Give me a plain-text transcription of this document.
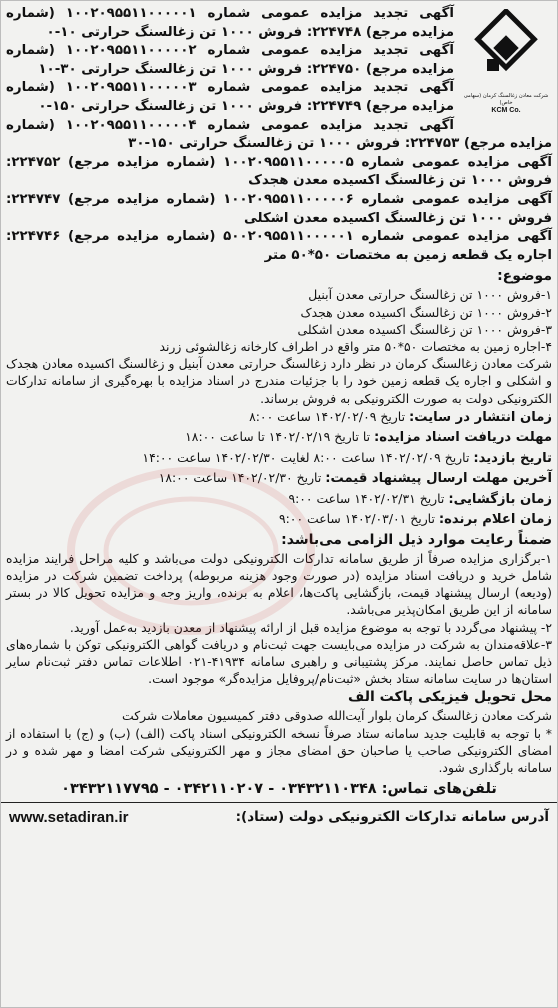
شرکت معادن زغالسنگ کرمان (سهامی خاص)
KCM Co.

آگهی تجدید مزایده عمومی شماره ۱۰۰۲۰۹۵۵۱۱۰۰۰۰۰۱ (شماره مزایده مرجع) ۲۲۴۷۴۸: فروش ۱۰۰۰ تن زغالسنگ حرارتی ۱۰-۰

آگهی تجدید مزایده عمومی شماره ۱۰۰۲۰۹۵۵۱۱۰۰۰۰۰۲ (شماره مزایده مرجع) ۲۲۴۷۵۰: فروش ۱۰۰۰ تن زغالسنگ حرارتی ۳۰-۱۰

آگهی تجدید مزایده عمومی شماره ۱۰۰۲۰۹۵۵۱۱۰۰۰۰۰۳ (شماره مزایده مرجع) ۲۲۴۷۴۹: فروش ۱۰۰۰ تن زغالسنگ حرارتی ۱۵۰-۰

آگهی تجدید مزایده عمومی شماره ۱۰۰۲۰۹۵۵۱۱۰۰۰۰۰۴ (شماره مزایده مرجع) ۲۲۴۷۵۳: فروش ۱۰۰۰ تن زغالسنگ حرارتی ۱۵۰-۳۰

آگهی مزایده عمومی شماره ۱۰۰۲۰۹۵۵۱۱۰۰۰۰۰۵ (شماره مزایده مرجع) ۲۲۴۷۵۲: فروش ۱۰۰۰ تن زغالسنگ اکسیده معدن هجدک

آگهی مزایده عمومی شماره ۱۰۰۲۰۹۵۵۱۱۰۰۰۰۰۶ (شماره مزایده مرجع) ۲۲۴۷۴۷: فروش ۱۰۰۰ تن زغالسنگ اکسیده معدن اشکلی

آگهی مزایده عمومی شماره ۵۰۰۲۰۹۵۵۱۱۰۰۰۰۰۱ (شماره مزایده مرجع) ۲۲۴۷۴۶: اجاره یک قطعه زمین به مختصات ۵۰*۵۰ متر

موضوع:

۱-فروش ۱۰۰۰ تن زغالسنگ حرارتی معدن آبنیل

۲-فروش ۱۰۰۰ تن زغالسنگ اکسیده معدن هجدک

۳-فروش ۱۰۰۰ تن زغالسنگ اکسیده معدن اشکلی

۴-اجاره زمین به مختصات ۵۰*۵۰ متر واقع در اطراف کارخانه زغالشوئی زرند

شرکت معادن زغالسنگ کرمان در نظر دارد زغالسنگ حرارتی معدن آبنیل و زغالسنگ اکسیده معادن هجدک و اشکلی و اجاره یک قطعه زمین خود را با جزئیات مندرج در اسناد مزایده با بهره‌گیری از سامانه تدارکات الکترونیکی دولت به صورت الکترونیکی به فروش برساند.

زمان انتشار در سایت: تاریخ ۱۴۰۲/۰۲/۰۹ ساعت ۸:۰۰

مهلت دریافت اسناد مزایده: تا تاریخ ۱۴۰۲/۰۲/۱۹ تا ساعت ۱۸:۰۰

تاریخ بازدید: تاریخ ۱۴۰۲/۰۲/۰۹ ساعت ۸:۰۰ لغایت ۱۴۰۲/۰۲/۳۰ ساعت ۱۴:۰۰

آخرین مهلت ارسال پیشنهاد قیمت: تاریخ ۱۴۰۲/۰۲/۳۰ ساعت ۱۸:۰۰

زمان بازگشایی: تاریخ ۱۴۰۲/۰۲/۳۱ ساعت ۹:۰۰

زمان اعلام برنده: تاریخ ۱۴۰۲/۰۳/۰۱ ساعت ۹:۰۰

ضمناً رعایت موارد ذیل الزامی می‌باشد:

۱-برگزاری مزایده صرفاً از طریق سامانه تدارکات الکترونیکی دولت می‌باشد و کلیه مراحل فرایند مزایده شامل خرید و دریافت اسناد مزایده (در صورت وجود هزینه مربوطه) پرداخت تضمین شرکت در مزایده (ودیعه) ارسال پیشنهاد قیمت، بازگشایی پاکت‌ها، اعلام به برنده، واریز وجه و مزایده تحویل کالا در بستر سامانه از این طریق امکان‌پذیر می‌باشد.

۲- پیشنهاد می‌گردد با توجه به موضوع مزایده قبل از ارائه پیشنهاد از معدن بازدید به‌عمل آورید.

۳-علاقه‌مندان به شرکت در مزایده می‌بایست جهت ثبت‌نام و دریافت گواهی الکترونیکی توکن با شماره‌های ذیل تماس حاصل نمایند. مرکز پشتیبانی و راهبری سامانه ۴۱۹۳۴-۰۲۱ اطلاعات تماس دفتر ثبت‌نام سایر استان‌ها در سایت سامانه ستاد بخش «ثبت‌نام/پروفایل مزایده‌گر» موجود است.

محل تحویل فیزیکی پاکت الف

شرکت معادن زغالسنگ کرمان بلوار آیت‌الله صدوقی دفتر کمیسیون معاملات شرکت

* با توجه به قابلیت جدید سامانه ستاد صرفاً نسخه الکترونیکی اسناد پاکت (الف) (ب) و (ج) با استفاده از امضای الکترونیکی صاحب یا صاحبان حق امضای مجاز و مهر الکترونیکی شرکت امضا و مهر شده و در سامانه بارگذاری شود.

تلفن‌های تماس: ۰۳۴۳۲۱۱۰۳۴۸ - ۰۳۴۲۱۱۰۲۰۷ - ۰۳۴۳۲۱۱۷۷۹۵

آدرس سامانه تدارکات الکترونیکی دولت (ستاد):
www.setadiran.ir
